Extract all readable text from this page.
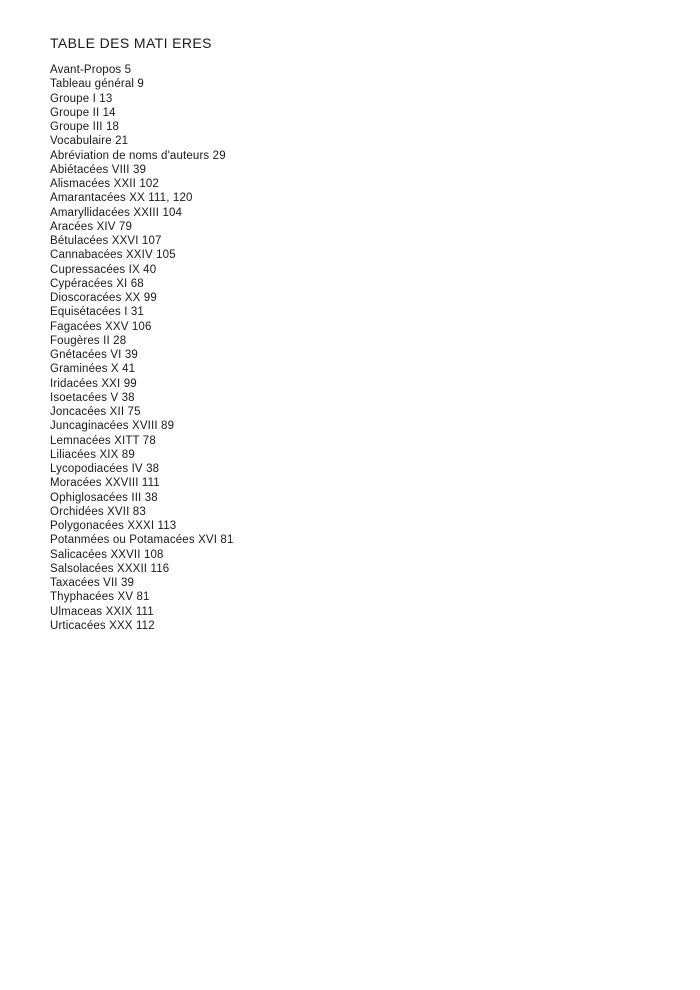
TABLE DES MATI ERES
Avant-Propos 5
Tableau général 9
Groupe I 13
Groupe II 14
Groupe III 18
Vocabulaire 21
Abréviation de noms d'auteurs 29
Abiétacées VIII 39
Alismacées XXII 102
Amarantacées XX 111, 120
Amaryllidacées XXIII 104
Aracées XIV 79
Bétulacées XXVI 107
Cannabacées XXIV 105
Cupressacées IX 40
Cypéracées XI 68
Dioscoracées XX 99
Equisétacées I 31
Fagacées XXV 106
Fougères II 28
Gnétacées VI 39
Graminées X 41
Iridacées XXI 99
Isoetacées V 38
Joncacées XII 75
Juncaginacées XVIII 89
Lemnacées XITT 78
Liliacées XIX 89
Lycopodiacées IV 38
Moracées XXVIII 111
Ophiglosacées III 38
Orchidées XVII 83
Polygonacées XXXI 113
Potanmées ou Potamacées XVI 81
Salicacées XXVII 108
Salsolacées XXXII 116
Taxacées VII 39
Thyphacées XV 81
Ulmaceas XXIX 111
Urticacées XXX 112
